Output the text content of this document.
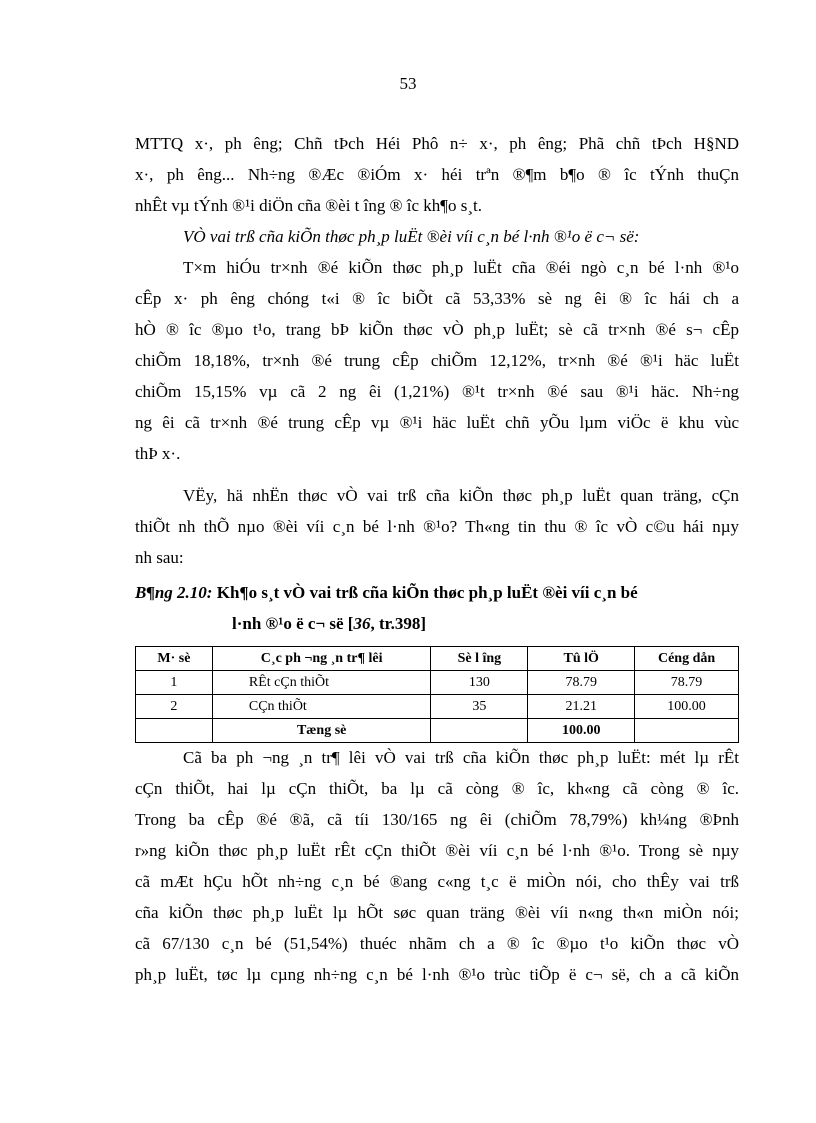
53

MTTQ x·, ph êng; Chñ tÞch Héi Phô n÷ x·, ph êng; Phã chñ tÞch H§ND
x·, ph êng... Nh÷ng ®Æc ®iÓm x· héi trªn ®¶m b¶o ® îc tÝnh thuÇn
nhÊt vµ tÝnh ®¹i diÖn cña ®èi t îng ® îc kh¶o s¸t.

VÒ vai trß cña kiÕn thøc ph¸p luËt ®èi víi c¸n bé l·nh ®¹o ë c¬ së:

T×m hiÓu tr×nh ®é kiÕn thøc ph¸p luËt cña ®éi ngò c¸n bé l·nh ®¹o
cÊp x· ph êng chóng t«i ® îc biÕt cã 53,33% sè ng êi ® îc hái ch a
hÒ ® îc ®µo t¹o, trang bÞ kiÕn thøc vÒ ph¸p luËt; sè cã tr×nh ®é s¬ cÊp
chiÕm 18,18%, tr×nh ®é trung cÊp chiÕm 12,12%, tr×nh ®é ®¹i häc luËt
chiÕm 15,15% vµ cã 2 ng êi (1,21%) ®¹t tr×nh ®é sau ®¹i häc. Nh÷ng
ng êi cã tr×nh ®é trung cÊp vµ ®¹i häc luËt chñ yÕu lµm viÖc ë khu vùc
thÞ x·.

VËy, hä nhËn thøc vÒ vai trß cña kiÕn thøc ph¸p luËt quan träng, cÇn
thiÕt nh thÕ nµo ®èi víi c¸n bé l·nh ®¹o? Th«ng tin thu ® îc vÒ c©u hái nµy
nh sau:

B¶ng 2.10: Kh¶o s¸t vÒ vai trß cña kiÕn thøc ph¸p luËt ®èi víi c¸n bé
l·nh ®¹o ë c¬ së [36, tr.398]
M· sè	C¸c ph ¬ng ¸n tr¶ lêi	Sè l îng	Tû lÖ	Céng dån
1	RÊt cÇn thiÕt	130	78.79	78.79
2	CÇn thiÕt	35	21.21	100.00
	Tæng sè		100.00	

Cã ba ph ¬ng ¸n tr¶ lêi vÒ vai trß cña kiÕn thøc ph¸p luËt: mét lµ rÊt
cÇn thiÕt, hai lµ cÇn thiÕt, ba lµ cã còng ® îc, kh«ng cã còng ® îc.
Trong ba cÊp ®é ®ã, cã tíi 130/165 ng êi (chiÕm 78,79%) kh¼ng ®Þnh
r»ng kiÕn thøc ph¸p luËt rÊt cÇn thiÕt ®èi víi c¸n bé l·nh ®¹o. Trong sè nµy
cã mÆt hÇu hÕt nh÷ng c¸n bé ®ang c«ng t¸c ë miÒn nói, cho thÊy vai trß
cña kiÕn thøc ph¸p luËt lµ hÕt søc quan träng ®èi víi n«ng th«n miÒn nói;
cã 67/130 c¸n bé (51,54%) thuéc nhãm ch a ® îc ®µo t¹o kiÕn thøc vÒ
ph¸p luËt, tøc lµ cµng nh÷ng c¸n bé l·nh ®¹o trùc tiÕp ë c¬ së, ch a cã kiÕn
